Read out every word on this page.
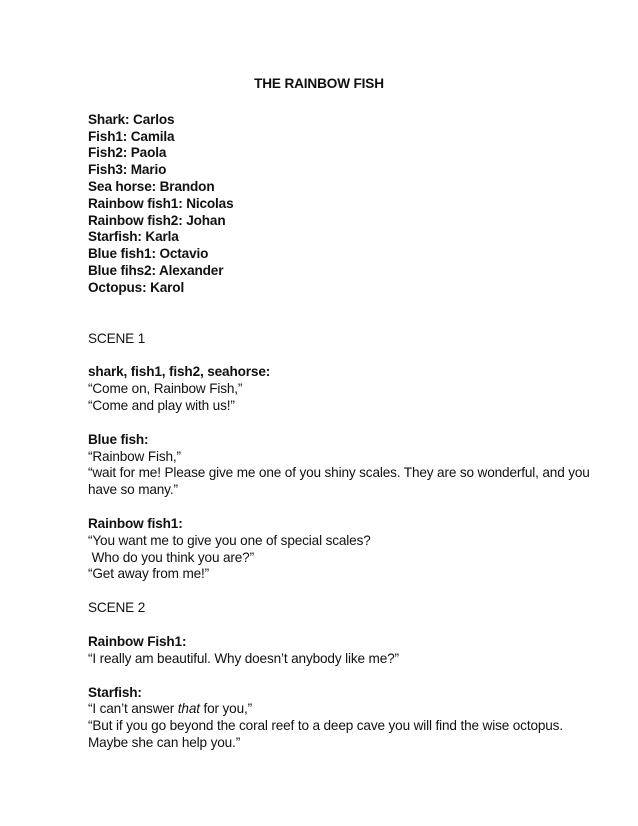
THE RAINBOW FISH
Shark: Carlos
Fish1: Camila
Fish2: Paola
Fish3: Mario
Sea horse: Brandon
Rainbow fish1: Nicolas
Rainbow fish2: Johan
Starfish: Karla
Blue fish1: Octavio
Blue fihs2: Alexander
Octopus: Karol
SCENE 1
shark, fish1, fish2, seahorse:
“Come on, Rainbow Fish,”
“Come and play with us!”
Blue fish:
“Rainbow Fish,”
“wait for me! Please give me one of you shiny scales. They are so wonderful, and you
have so many.”
Rainbow fish1:
“You want me to give you one of special scales?
Who do you think you are?”
“Get away from me!”
SCENE 2
Rainbow Fish1:
“I really am beautiful. Why doesn’t anybody like me?”
Starfish:
“I can’t answer that for you,”
“But if you go beyond the coral reef to a deep cave you will find the wise octopus.
Maybe she can help you.”
